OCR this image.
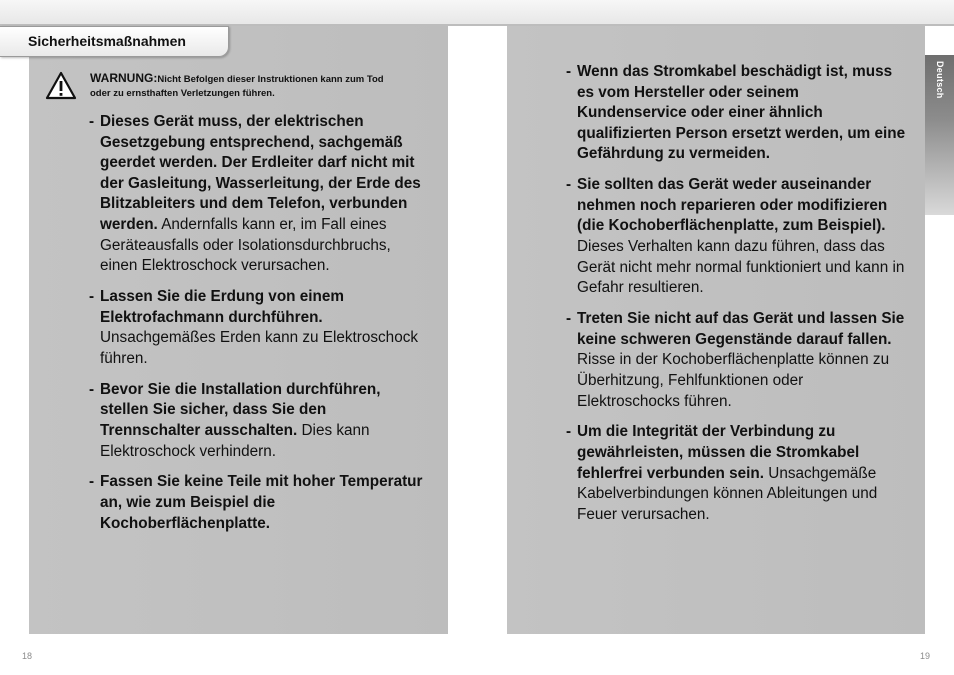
Sicherheitsmaßnahmen
WARNUNG:Nicht Befolgen dieser Instruktionen kann zum Tod oder zu ernsthaften Verletzungen führen.
- Dieses Gerät muss, der elektrischen Gesetzgebung entsprechend, sachgemäß geerdet werden. Der Erdleiter darf nicht mit der Gasleitung, Wasserleitung, der Erde des Blitzableiters und dem Telefon, verbunden werden. Andernfalls kann er, im Fall eines Geräteausfalls oder Isolationsdurchbruchs, einen Elektroschock verursachen.
- Lassen Sie die Erdung von einem Elektrofachmann durchführen. Unsachgemäßes Erden kann zu Elektroschock führen.
- Bevor Sie die Installation durchführen, stellen Sie sicher, dass Sie den Trennschalter ausschalten. Dies kann Elektroschock verhindern.
- Fassen Sie keine Teile mit hoher Temperatur an, wie zum Beispiel die Kochoberflächenplatte.
- Wenn das Stromkabel beschädigt ist, muss es vom Hersteller oder seinem Kundenservice oder einer ähnlich qualifizierten Person ersetzt werden, um eine Gefährdung zu vermeiden.
- Sie sollten das Gerät weder auseinander nehmen noch reparieren oder modifizieren (die Kochoberflächenplatte, zum Beispiel). Dieses Verhalten kann dazu führen, dass das Gerät nicht mehr normal funktioniert und kann in Gefahr resultieren.
- Treten Sie nicht auf das Gerät und lassen Sie keine schweren Gegenstände darauf fallen. Risse in der Kochoberflächenplatte können zu Überhitzung, Fehlfunktionen oder Elektroschocks führen.
- Um die Integrität der Verbindung zu gewährleisten, müssen die Stromkabel fehlerfrei verbunden sein. Unsachgemäße Kabelverbindungen können Ableitungen und Feuer verursachen.
Deutsch
18	19
